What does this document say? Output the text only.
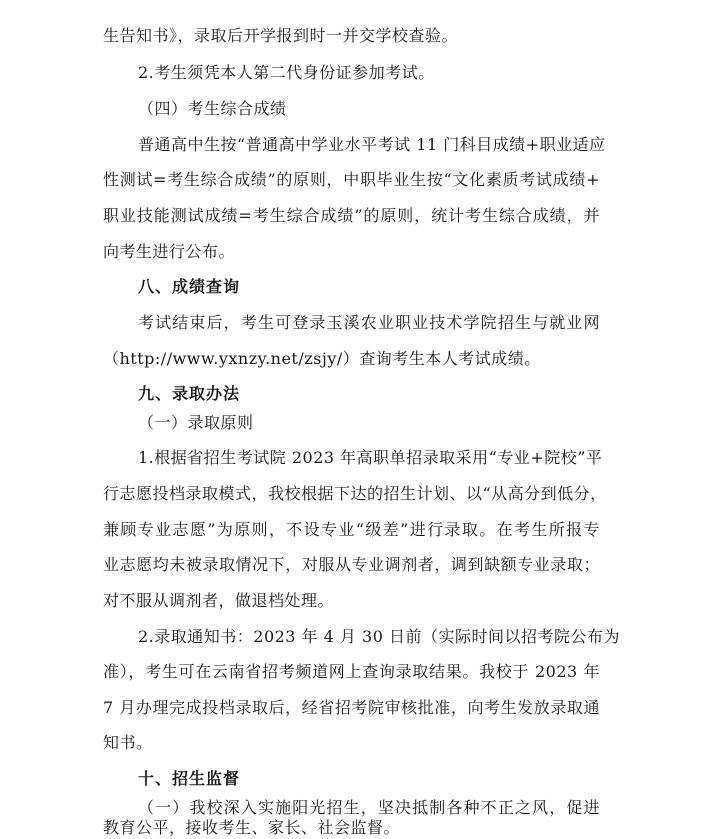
生告知书》，录取后开学报到时一并交学校查验。
2.考生须凭本人第二代身份证参加考试。
（四）考生综合成绩
普通高中生按“普通高中学业水平考试 11 门科目成绩+职业适应
性测试=考生综合成绩”的原则，中职毕业生按“文化素质考试成绩+
职业技能测试成绩=考生综合成绩”的原则，统计考生综合成绩，并
向考生进行公布。
八、成绩查询
考试结束后，考生可登录玉溪农业职业技术学院招生与就业网
（http://www.yxnzy.net/zsjy/）查询考生本人考试成绩。
九、录取办法
（一）录取原则
1.根据省招生考试院 2023 年高职单招录取采用“专业+院校”平
行志愿投档录取模式，我校根据下达的招生计划、以“从高分到低分，
兼顾专业志愿”为原则，不设专业“级差”进行录取。在考生所报专
业志愿均未被录取情况下，对服从专业调剂者，调到缺额专业录取；
对不服从调剂者，做退档处理。
2.录取通知书：2023 年 4 月 30 日前（实际时间以招考院公布为
准），考生可在云南省招考频道网上查询录取结果。我校于 2023 年
7 月办理完成投档录取后，经省招考院审核批准，向考生发放录取通
知书。
十、招生监督
（一）我校深入实施阳光招生，坚决抵制各种不正之风，促进
教育公平，接收考生、家长、社会监督。
